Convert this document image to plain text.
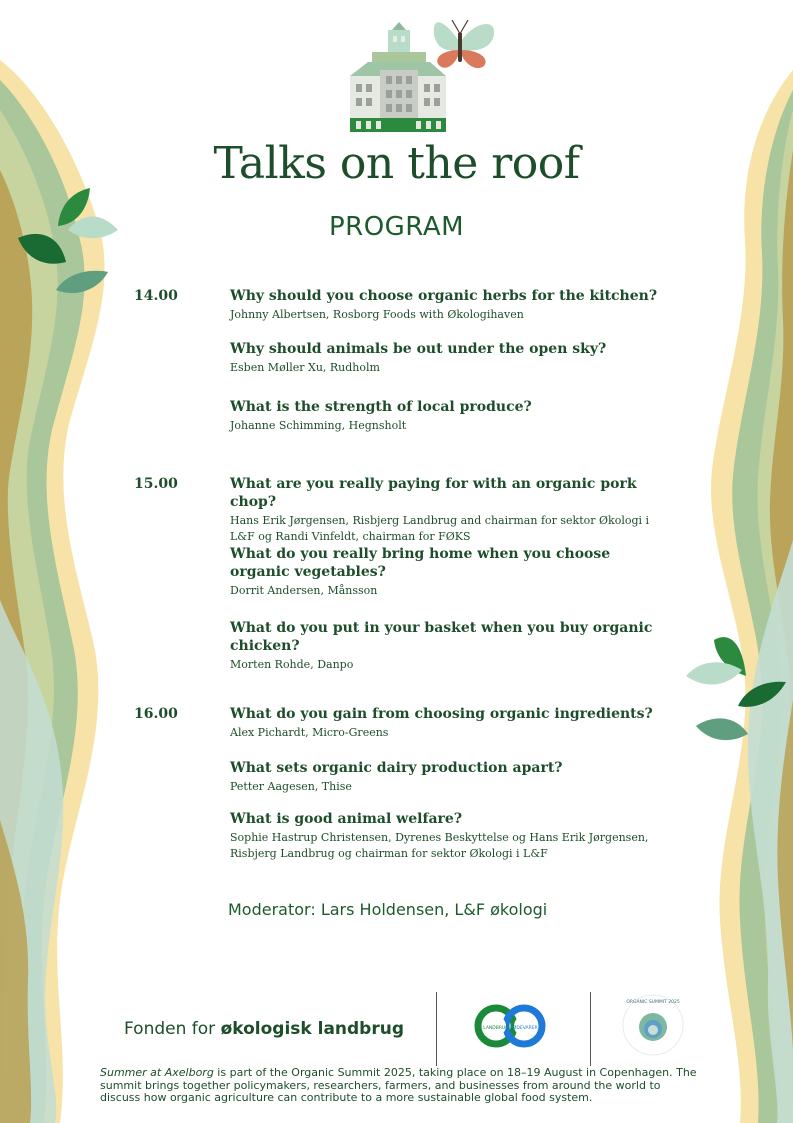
Talks on the roof
PROGRAM
14.00	Why should you choose organic herbs for the kitchen?
Johnny Albertsen, Rosborg Foods with Økologihaven
Why should animals be out under the open sky?
Esben Møller Xu, Rudholm
What is the strength of local produce?
Johanne Schimming, Hegnsholt
15.00	What are you really paying for with an organic pork chop?
Hans Erik Jørgensen, Risbjerg Landbrug and chairman for sektor Økologi i L&F og Randi Vinfeldt, chairman for FØKS
What do you really bring home when you choose organic vegetables?
Dorrit Andersen, Månsson
What do you put in your basket when you buy organic chicken?
Morten Rohde, Danpo
16.00	What do you gain from choosing organic ingredients?
Alex Pichardt, Micro-Greens
What sets organic dairy production apart?
Petter Aagesen, Thise
What is good animal welfare?
Sophie Hastrup Christensen, Dyrenes Beskyttelse og Hans Erik Jørgensen, Risbjerg Landbrug og chairman for sektor Økologi i L&F
Moderator: Lars Holdensen, L&F økologi
Fonden for økologisk landbrug	LANDBRUG FØDEVARER
ORGANIC SUMMIT 2025
Summer at Axelborg is part of the Organic Summit 2025, taking place on 18–19 August in Copenhagen. The summit brings together policymakers, researchers, farmers, and businesses from around the world to discuss how organic agriculture can contribute to a more sustainable global food system.
